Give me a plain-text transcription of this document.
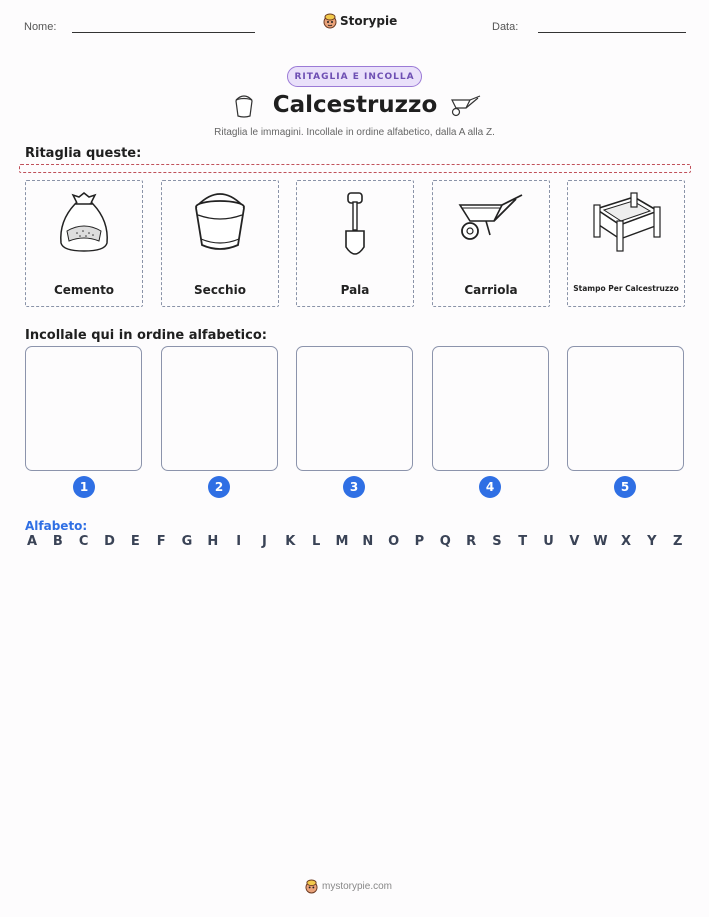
Nome:	Storypie	Data:
RITAGLIA E INCOLLA
Calcestruzzo
Ritaglia le immagini. Incollale in ordine alfabetico, dalla A alla Z.
Ritaglia queste:
Cemento	Secchio	Pala	Carriola	Stampo Per Calcestruzzo
Incollale qui in ordine alfabetico:
1	2	3	4	5
Alfabeto:
A B C D E F G H	I	J	K L M N O P Q R S T U V W X Y Z
mystorypie.com
